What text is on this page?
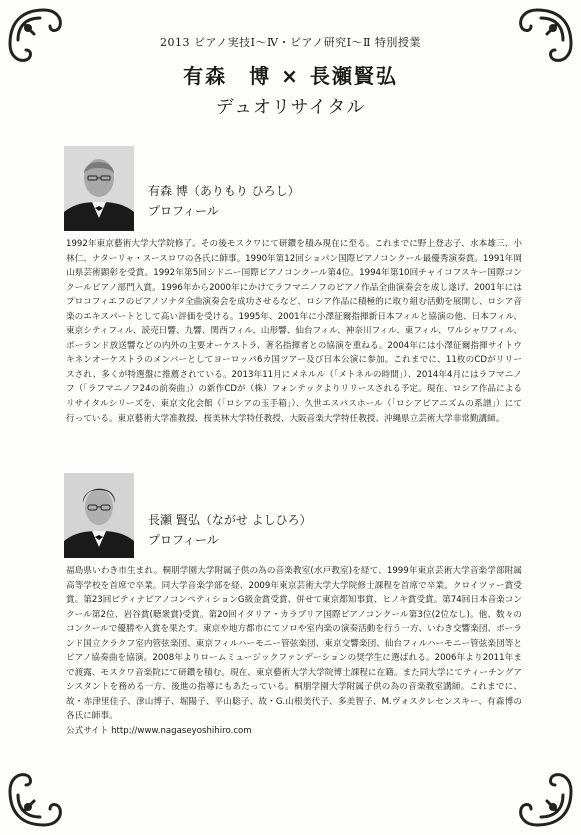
2013 ピアノ実技Ⅰ～Ⅳ・ピアノ研究Ⅰ～Ⅱ 特別授業
有森　博 × 長瀬賢弘
デュオリサイタル
有森 博（ありもり ひろし）
プロフィール
1992年東京藝術大学大学院修了。その後モスクワにて研鑽を積み現在に至る。これまでに野上登志子、水本雄三、小林仁、ナターリャ・スースロワの各氏に師事。1990年第12回ショパン国際ピアノコンクール最優秀演奏賞。1991年岡山県芸術顕彰を受賞。1992年第5回シドニー国際ピアノコンクール第4位。1994年第10回チャイコフスキー国際コンクールピアノ部門入賞。1996年から2000年にかけてラフマニノフのピアノ作品全曲演奏会を成し遂げ、2001年にはプロコフィエフのピアノソナタ全曲演奏会を成功させるなど、ロシア作品に積極的に取り組む活動を展開し、ロシア音楽のエキスパートとして高い評価を受ける。1995年、2001年に小澤征爾指揮新日本フィルと協演の他、日本フィル、東京シティフィル、読売日響、九響、関西フィル、山形響、仙台フィル、神奈川フィル、東フィル、ワルシャワフィル、ポーランド放送響などの内外の主要オーケストラ、著名指揮者との協演を重ねる。2004年には小澤征爾指揮サイトウキネンオーケストラのメンバーとしてヨーロッパ6カ国ツアー及び日本公演に参加。これまでに、11枚のCDがリリースされ、多くが特選盤に推薦されている。2013年11月にメネルル（「メトネルの時間」）、2014年4月にはラフマニノフ（「ラフマニノフ24の前奏曲」）の新作CDが（株）フォンテックよりリリースされる予定。現在、ロシア作品によるリサイタルシリーズを、東京文化会館（「ロシアの玉手箱」）、久世エスパスホール（「ロシアピアニズムの系譜」）にて行っている。東京藝術大学准教授、桜美林大学特任教授、大阪音楽大学特任教授、沖縄県立芸術大学非常勤講師。
長瀬 賢弘（ながせ よしひろ）
プロフィール
福島県いわき市生まれ。桐朋学園大学附属子供の為の音楽教室(水戸教室)を経て、1999年東京芸術大学音楽学部附属高等学校を首席で卒業。同大学音楽学部を経、2009年東京芸術大学大学院修士課程を首席で卒業。クロイツァー賞受賞。第23回ピティナピアノコンペティションG級金賞受賞、併せて東京都知事賞、ヒノキ賞受賞。第74回日本音楽コンクール第2位、岩谷賞(聴衆賞)受賞。第20回イタリア・カラブリア国際ピアノコンクール第3位(2位なし)。他、数々のコンクールで優勝や入賞を果たす。東京や地方都市にてソロや室内楽の演奏活動を行う一方、いわき交響楽団、ポーランド国立クラクフ室内管弦楽団、東京フィルハーモニー管弦楽団、東京交響楽団、仙台フィルハーモニー管弦楽団等とピアノ協奏曲を協演。2008年よりロームミュージックファンデーションの奨学生に選ばれる。2006年より2011年まで渡露、モスクワ音楽院にて研鑽を積む。現在、東京藝術大学大学院博士課程に在籍。また同大学にてティーチングアシスタントを務める一方、後進の指導にもあたっている。桐朋学園大学附属子供の為の音楽教室講師。これまでに、故・赤津里佳子、津山博子、堀陽子、平山聡子、故・G.山根美代子、多美智子、M.ヴォスクレセンスキー、有森博の各氏に師事。
公式サイト http://www.nagaseyoshihiro.com
